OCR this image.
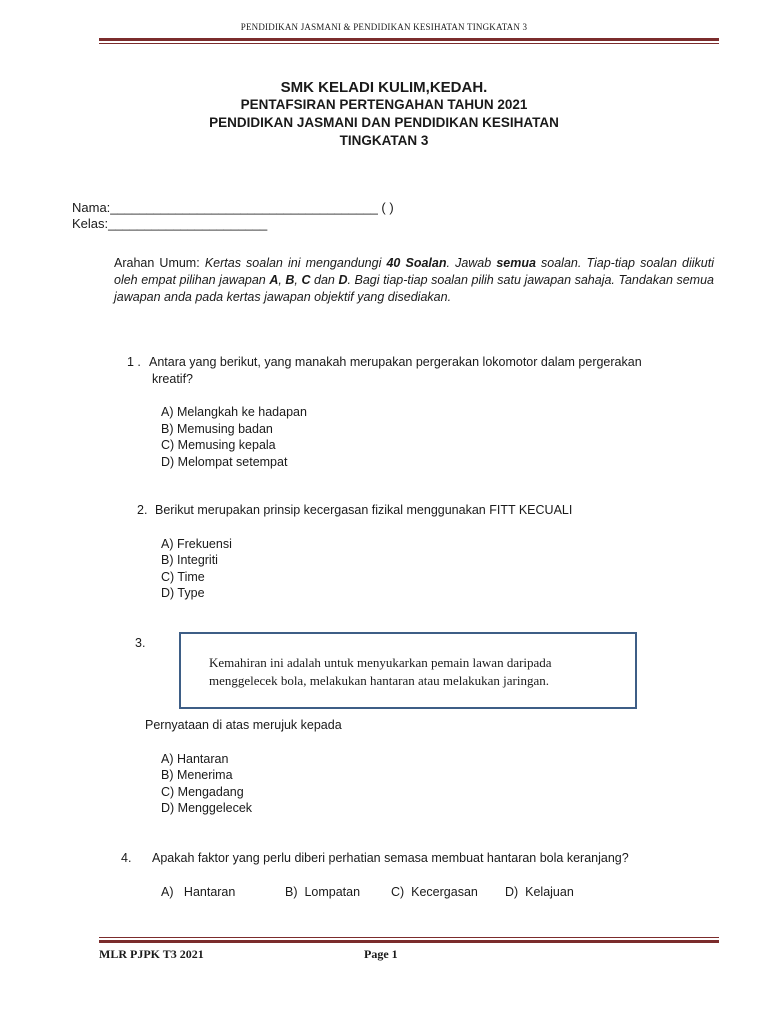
PENDIDIKAN JASMANI & PENDIDIKAN KESIHATAN TINGKATAN 3
SMK KELADI KULIM,KEDAH.
PENTAFSIRAN PERTENGAHAN TAHUN 2021
PENDIDIKAN JASMANI DAN PENDIDIKAN KESIHATAN
TINGKATAN 3
Nama:_____________________________________ ( )
Kelas:______________________
Arahan Umum: Kertas soalan ini mengandungi 40 Soalan. Jawab semua soalan. Tiap-tiap soalan diikuti oleh empat pilihan jawapan A, B, C dan D. Bagi tiap-tiap soalan pilih satu jawapan sahaja. Tandakan semua jawapan anda pada kertas jawapan objektif yang disediakan.
1 . Antara yang berikut, yang manakah merupakan pergerakan lokomotor dalam pergerakan
kreatif?
A) Melangkah ke hadapan
B) Memusing badan
C) Memusing kepala
D) Melompat setempat
2. Berikut merupakan prinsip kecergasan fizikal menggunakan FITT KECUALI
A) Frekuensi
B) Integriti
C) Time
D) Type
3.
Kemahiran ini adalah untuk menyukarkan pemain lawan daripada
menggelecek bola, melakukan hantaran atau melakukan jaringan.
Pernyataan di atas merujuk kepada
A) Hantaran
B) Menerima
C) Mengadang
D) Menggelecek
4. Apakah faktor yang perlu diberi perhatian semasa membuat hantaran bola keranjang?
A)   Hantaran	B)  Lompatan C)  Kecergasan D)  Kelajuan
MLR PJPK T3 2021	Page 1
